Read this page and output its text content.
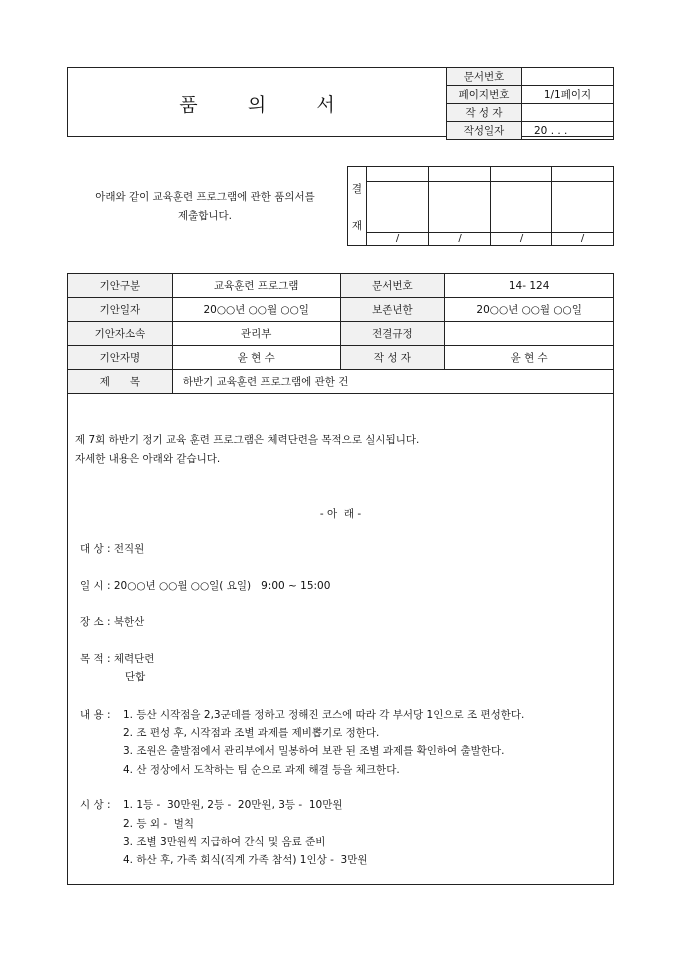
품	의	서
문서번호	
페이지번호	1/1페이지
작 성 자	
작성일자	20 . . .
아래와 같이 교육훈련 프로그램에 관한 품의서를
제출합니다.
결
재
/	/	/	/
기안구분	교육훈련 프로그램	문서번호	14- 124
기안일자	20○○년 ○○월 ○○일	보존년한	20○○년 ○○월 ○○일
기안자소속	관리부	전결규정	
기안자명	윤 현 수	작 성 자	윤 현 수
제      목	하반기 교육훈련 프로그램에 관한 건		
제 7회 하반기 정기 교육 훈련 프로그램은 체력단련을 목적으로 실시됩니다.
자세한 내용은 아래와 같습니다.
- 아  래 -
대 상 : 전직원
일 시 : 20○○년 ○○월 ○○일( 요일)   9:00 ~ 15:00
장 소 : 북한산
목 적 : 체력단련
단합
내 용 : 1. 등산 시작점을 2,3군데를 정하고 정해진 코스에 따라 각 부서당 1인으로 조 편성한다.
2. 조 편성 후, 시작점과 조별 과제를 제비뽑기로 정한다.
3. 조원은 출발점에서 관리부에서 밀봉하여 보관 된 조별 과제를 확인하여 출발한다.
4. 산 정상에서 도착하는 팀 순으로 과제 해결 등을 체크한다.
시 상 : 1. 1등 -  30만원, 2등 -  20만원, 3등 -  10만원
2. 등 외 -  벌칙
3. 조별 3만원씩 지급하여 간식 및 음료 준비
4. 하산 후, 가족 회식(직계 가족 참석) 1인상 -  3만원
